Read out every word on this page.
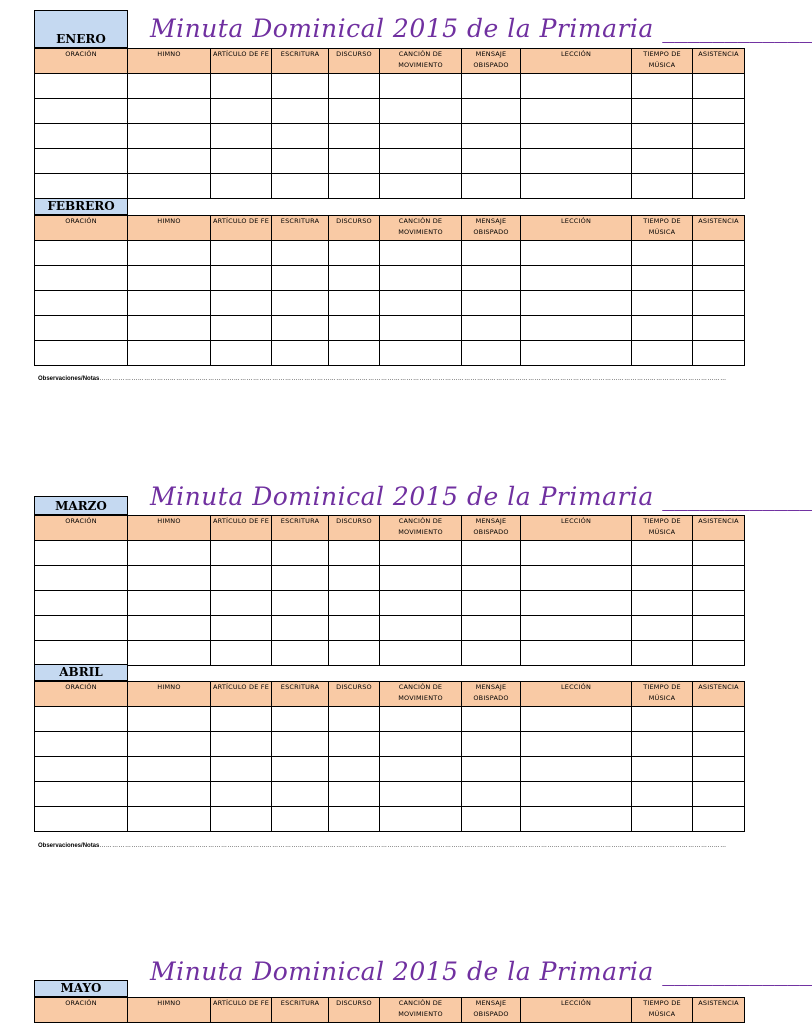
Minuta Dominical 2015 de la Primaria ____________
ENERO
ORACIÓN	HIMNO	ARTÍCULO DE FE	ESCRITURA	DISCURSO	CANCIÓN DE MOVIMIENTO	MENSAJE OBISPADO	LECCIÓN	TIEMPO DE MÚSICA	ASISTENCIA

FEBRERO
ORACIÓN	HIMNO	ARTÍCULO DE FE	ESCRITURA	DISCURSO	CANCIÓN DE MOVIMIENTO	MENSAJE OBISPADO	LECCIÓN	TIEMPO DE MÚSICA	ASISTENCIA

Observaciones/Notas……………………………………………………………………………………………………………………………………………………………………………………………………………………………………………………………………
Minuta Dominical 2015 de la Primaria ____________
MARZO
ORACIÓN	HIMNO	ARTÍCULO DE FE	ESCRITURA	DISCURSO	CANCIÓN DE MOVIMIENTO	MENSAJE OBISPADO	LECCIÓN	TIEMPO DE MÚSICA	ASISTENCIA

ABRIL
ORACIÓN	HIMNO	ARTÍCULO DE FE	ESCRITURA	DISCURSO	CANCIÓN DE MOVIMIENTO	MENSAJE OBISPADO	LECCIÓN	TIEMPO DE MÚSICA	ASISTENCIA

Observaciones/Notas……………………………………………………………………………………………………………………………………………………………………………………………………………………………………………………………………
Minuta Dominical 2015 de la Primaria ____________
MAYO
ORACIÓN	HIMNO	ARTÍCULO DE FE	ESCRITURA	DISCURSO	CANCIÓN DE MOVIMIENTO	MENSAJE OBISPADO	LECCIÓN	TIEMPO DE MÚSICA	ASISTENCIA
